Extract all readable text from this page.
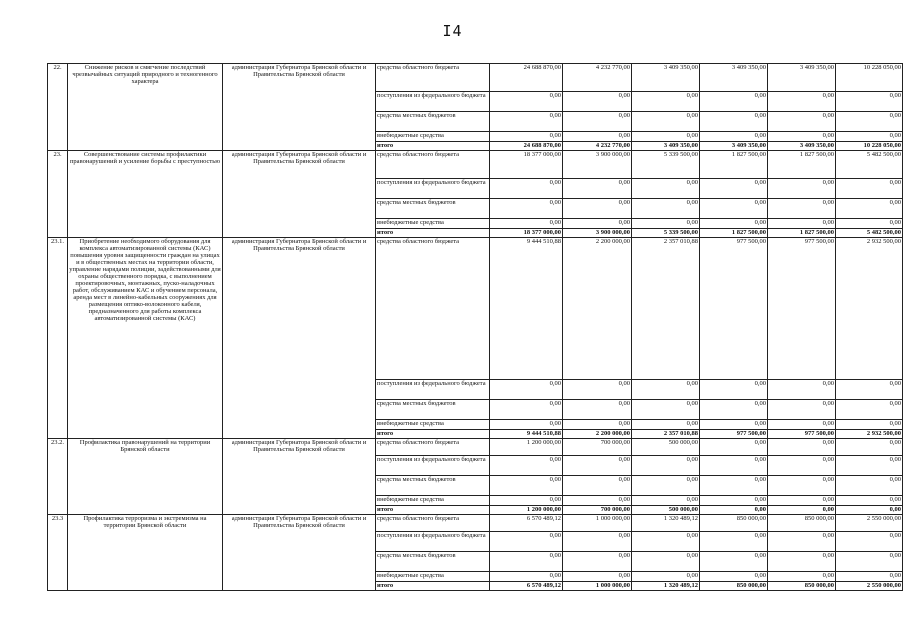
I4
22.	Снижение рисков и смягчение последствий чрезвычайных ситуаций природного и техногенного характера	администрация Губернатора Брянской области и Правительства Брянской области	средства областного бюджета	24 688 870,00	4 232 770,00	3 409 350,00	3 409 350,00	3 409 350,00	10 228 050,00
			поступления из федерального бюджета	0,00	0,00	0,00	0,00	0,00	0,00
			средства местных бюджетов	0,00	0,00	0,00	0,00	0,00	0,00
			внебюджетные средства	0,00	0,00	0,00	0,00	0,00	0,00
			итого	24 688 870,00	4 232 770,00	3 409 350,00	3 409 350,00	3 409 350,00	10 228 050,00
23.	Совершенствование системы профилактики правонарушений и усиление борьбы с преступностью	администрация Губернатора Брянской области и Правительства Брянской области	средства областного бюджета	18 377 000,00	3 900 000,00	5 339 500,00	1 827 500,00	1 827 500,00	5 482 500,00
			поступления из федерального бюджета	0,00	0,00	0,00	0,00	0,00	0,00
			средства местных бюджетов	0,00	0,00	0,00	0,00	0,00	0,00
			внебюджетные средства	0,00	0,00	0,00	0,00	0,00	0,00
			итого	18 377 000,00	3 900 000,00	5 339 500,00	1 827 500,00	1 827 500,00	5 482 500,00
23.1.	Приобретение необходимого оборудования для комплекса автоматизированной системы (КАС) повышения уровня защищенности граждан на улицах и в общественных местах на территории области, управление нарядами полиции, задействованными для охраны общественного порядка, с выполнением проектировочных, монтажных, пуско-наладочных работ, обслуживанием КАС и обучением персонала, аренда мест в линейно-кабельных сооружениях для размещения оптико-волоконного кабеля, предназначенного для работы комплекса автоматизированной системы (КАС)	администрация Губернатора Брянской области и Правительства Брянской области	средства областного бюджета	9 444 510,88	2 200 000,00	2 357 010,88	977 500,00	977 500,00	2 932 500,00
			поступления из федерального бюджета	0,00	0,00	0,00	0,00	0,00	0,00
			средства местных бюджетов	0,00	0,00	0,00	0,00	0,00	0,00
			внебюджетные средства	0,00	0,00	0,00	0,00	0,00	0,00
			итого	9 444 510,88	2 200 000,00	2 357 010,88	977 500,00	977 500,00	2 932 500,00
23.2.	Профилактика правонарушений на территории Брянской области	администрация Губернатора Брянской области и Правительства Брянской области	средства областного бюджета	1 200 000,00	700 000,00	500 000,00	0,00	0,00	0,00
			поступления из федерального бюджета	0,00	0,00	0,00	0,00	0,00	0,00
			средства местных бюджетов	0,00	0,00	0,00	0,00	0,00	0,00
			внебюджетные средства	0,00	0,00	0,00	0,00	0,00	0,00
			итого	1 200 000,00	700 000,00	500 000,00	0,00	0,00	0,00
23.3	Профилактика терроризма и экстремизма на территории Брянской области	администрация Губернатора Брянской области и Правительства Брянской области	средства областного бюджета	6 570 489,12	1 000 000,00	1 320 489,12	850 000,00	850 000,00	2 550 000,00
			поступления из федерального бюджета	0,00	0,00	0,00	0,00	0,00	0,00
			средства местных бюджетов	0,00	0,00	0,00	0,00	0,00	0,00
			внебюджетные средства	0,00	0,00	0,00	0,00	0,00	0,00
			итого	6 570 489,12	1 000 000,00	1 320 489,12	850 000,00	850 000,00	2 550 000,00
